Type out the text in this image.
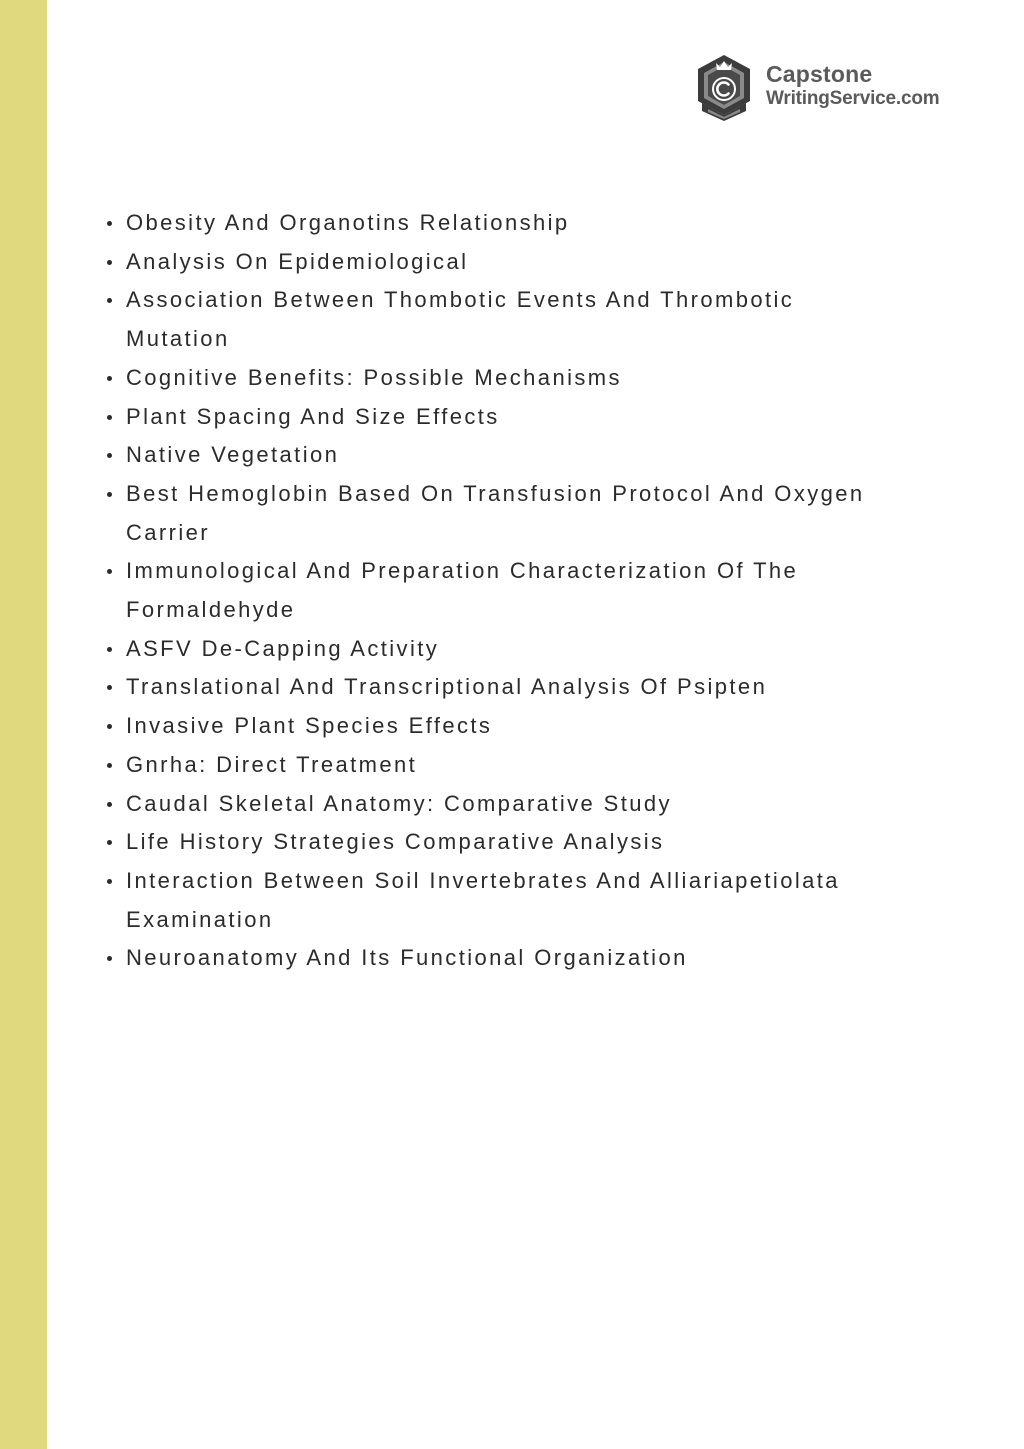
Capstone
WritingService.com
Obesity And Organotins Relationship
Analysis On Epidemiological
Association Between Thombotic Events And Thrombotic Mutation
Cognitive Benefits: Possible Mechanisms
Plant Spacing And Size Effects
Native Vegetation
Best Hemoglobin Based On Transfusion Protocol And Oxygen Carrier
Immunological And Preparation Characterization Of The Formaldehyde
ASFV De-Capping Activity
Translational And Transcriptional Analysis Of Psipten
Invasive Plant Species Effects
Gnrha: Direct Treatment
Caudal Skeletal Anatomy: Comparative Study
Life History Strategies Comparative Analysis
Interaction Between Soil Invertebrates And Alliariapetiolata Examination
Neuroanatomy And Its Functional Organization
